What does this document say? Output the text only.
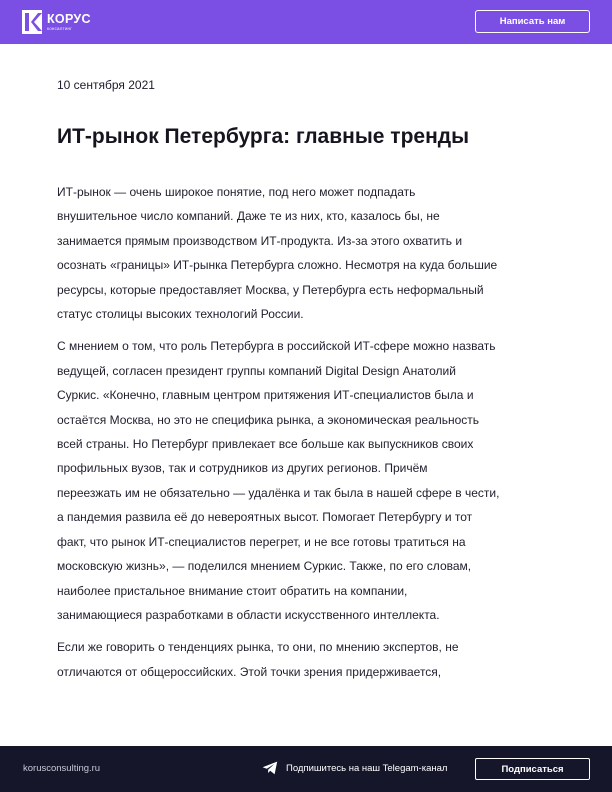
КОРУС
консалтинг
Написать нам
10 сентября 2021
ИТ-рынок Петербурга: главные тренды

ИТ-рынок — очень широкое понятие, под него может подпадать
внушительное число компаний. Даже те из них, кто, казалось бы, не
занимается прямым производством ИТ-продукта. Из-за этого охватить и
осознать «границы» ИТ-рынка Петербурга сложно. Несмотря на куда большие
ресурсы, которые предоставляет Москва, у Петербурга есть неформальный
статус столицы высоких технологий России.

С мнением о том, что роль Петербурга в российской ИТ-сфере можно назвать
ведущей, согласен президент группы компаний Digital Design Анатолий
Суркис. «Конечно, главным центром притяжения ИТ-специалистов была и
остаётся Москва, но это не специфика рынка, а экономическая реальность
всей страны. Но Петербург привлекает все больше как выпускников своих
профильных вузов, так и сотрудников из других регионов. Причём
переезжать им не обязательно — удалёнка и так была в нашей сфере в чести,
а пандемия развила её до невероятных высот. Помогает Петербургу и тот
факт, что рынок ИТ-специалистов перегрет, и не все готовы тратиться на
московскую жизнь», — поделился мнением Суркис. Также, по его словам,
наиболее пристальное внимание стоит обратить на компании,
занимающиеся разработками в области искусственного интеллекта.

Если же говорить о тенденциях рынка, то они, по мнению экспертов, не
отличаются от общероссийских. Этой точки зрения придерживается,

korusconsulting.ru	Подпишитесь на наш Telegam-канал	Подписаться
